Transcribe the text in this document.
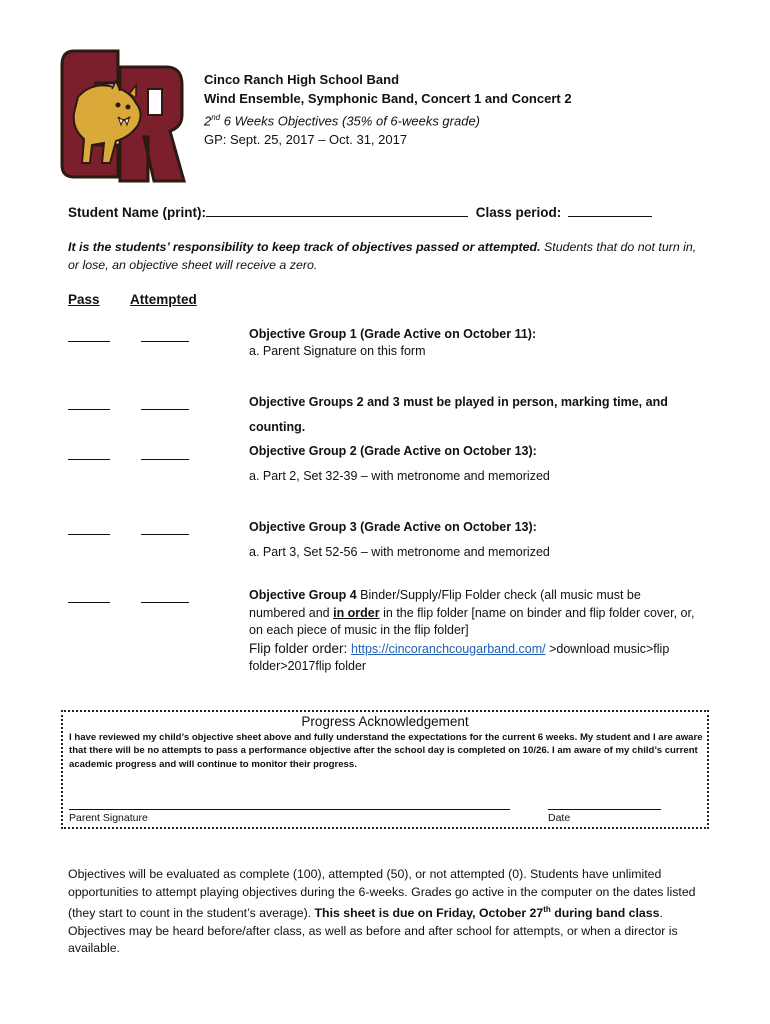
Cinco Ranch High School Band
Wind Ensemble, Symphonic Band, Concert 1 and Concert 2
2nd 6 Weeks Objectives (35% of 6-weeks grade)
GP: Sept. 25, 2017 – Oct. 31, 2017
Student Name (print):	Class period:
It is the students’ responsibility to keep track of objectives passed or attempted. Students that do not turn in, or lose, an objective sheet will receive a zero.
Pass Attempted
Objective Group 1 (Grade Active on October 11):
a. Parent Signature on this form
Objective Groups 2 and 3 must be played in person, marking time, and
counting.
Objective Group 2 (Grade Active on October 13):
a. Part 2, Set 32-39 – with metronome and memorized
Objective Group 3 (Grade Active on October 13):
a. Part 3, Set 52-56 – with metronome and memorized
Objective Group 4 Binder/Supply/Flip Folder check (all music must be numbered and in order in the flip folder [name on binder and flip folder cover, or, on each piece of music in the flip folder]
Flip folder order: https://cincoranchcougarband.com/ >download music>flip folder>2017flip folder
Progress Acknowledgement
I have reviewed my child’s objective sheet above and fully understand the expectations for the current 6 weeks. My student and I are aware that there will be no attempts to pass a performance objective after the school day is completed on 10/26. I am aware of my child’s current academic progress and will continue to monitor their progress.
Parent Signature	Date
Objectives will be evaluated as complete (100), attempted (50), or not attempted (0). Students have unlimited opportunities to attempt playing objectives during the 6-weeks. Grades go active in the computer on the dates listed (they start to count in the student’s average). This sheet is due on Friday, October 27th during band class. Objectives may be heard before/after class, as well as before and after school for attempts, or when a director is available.
